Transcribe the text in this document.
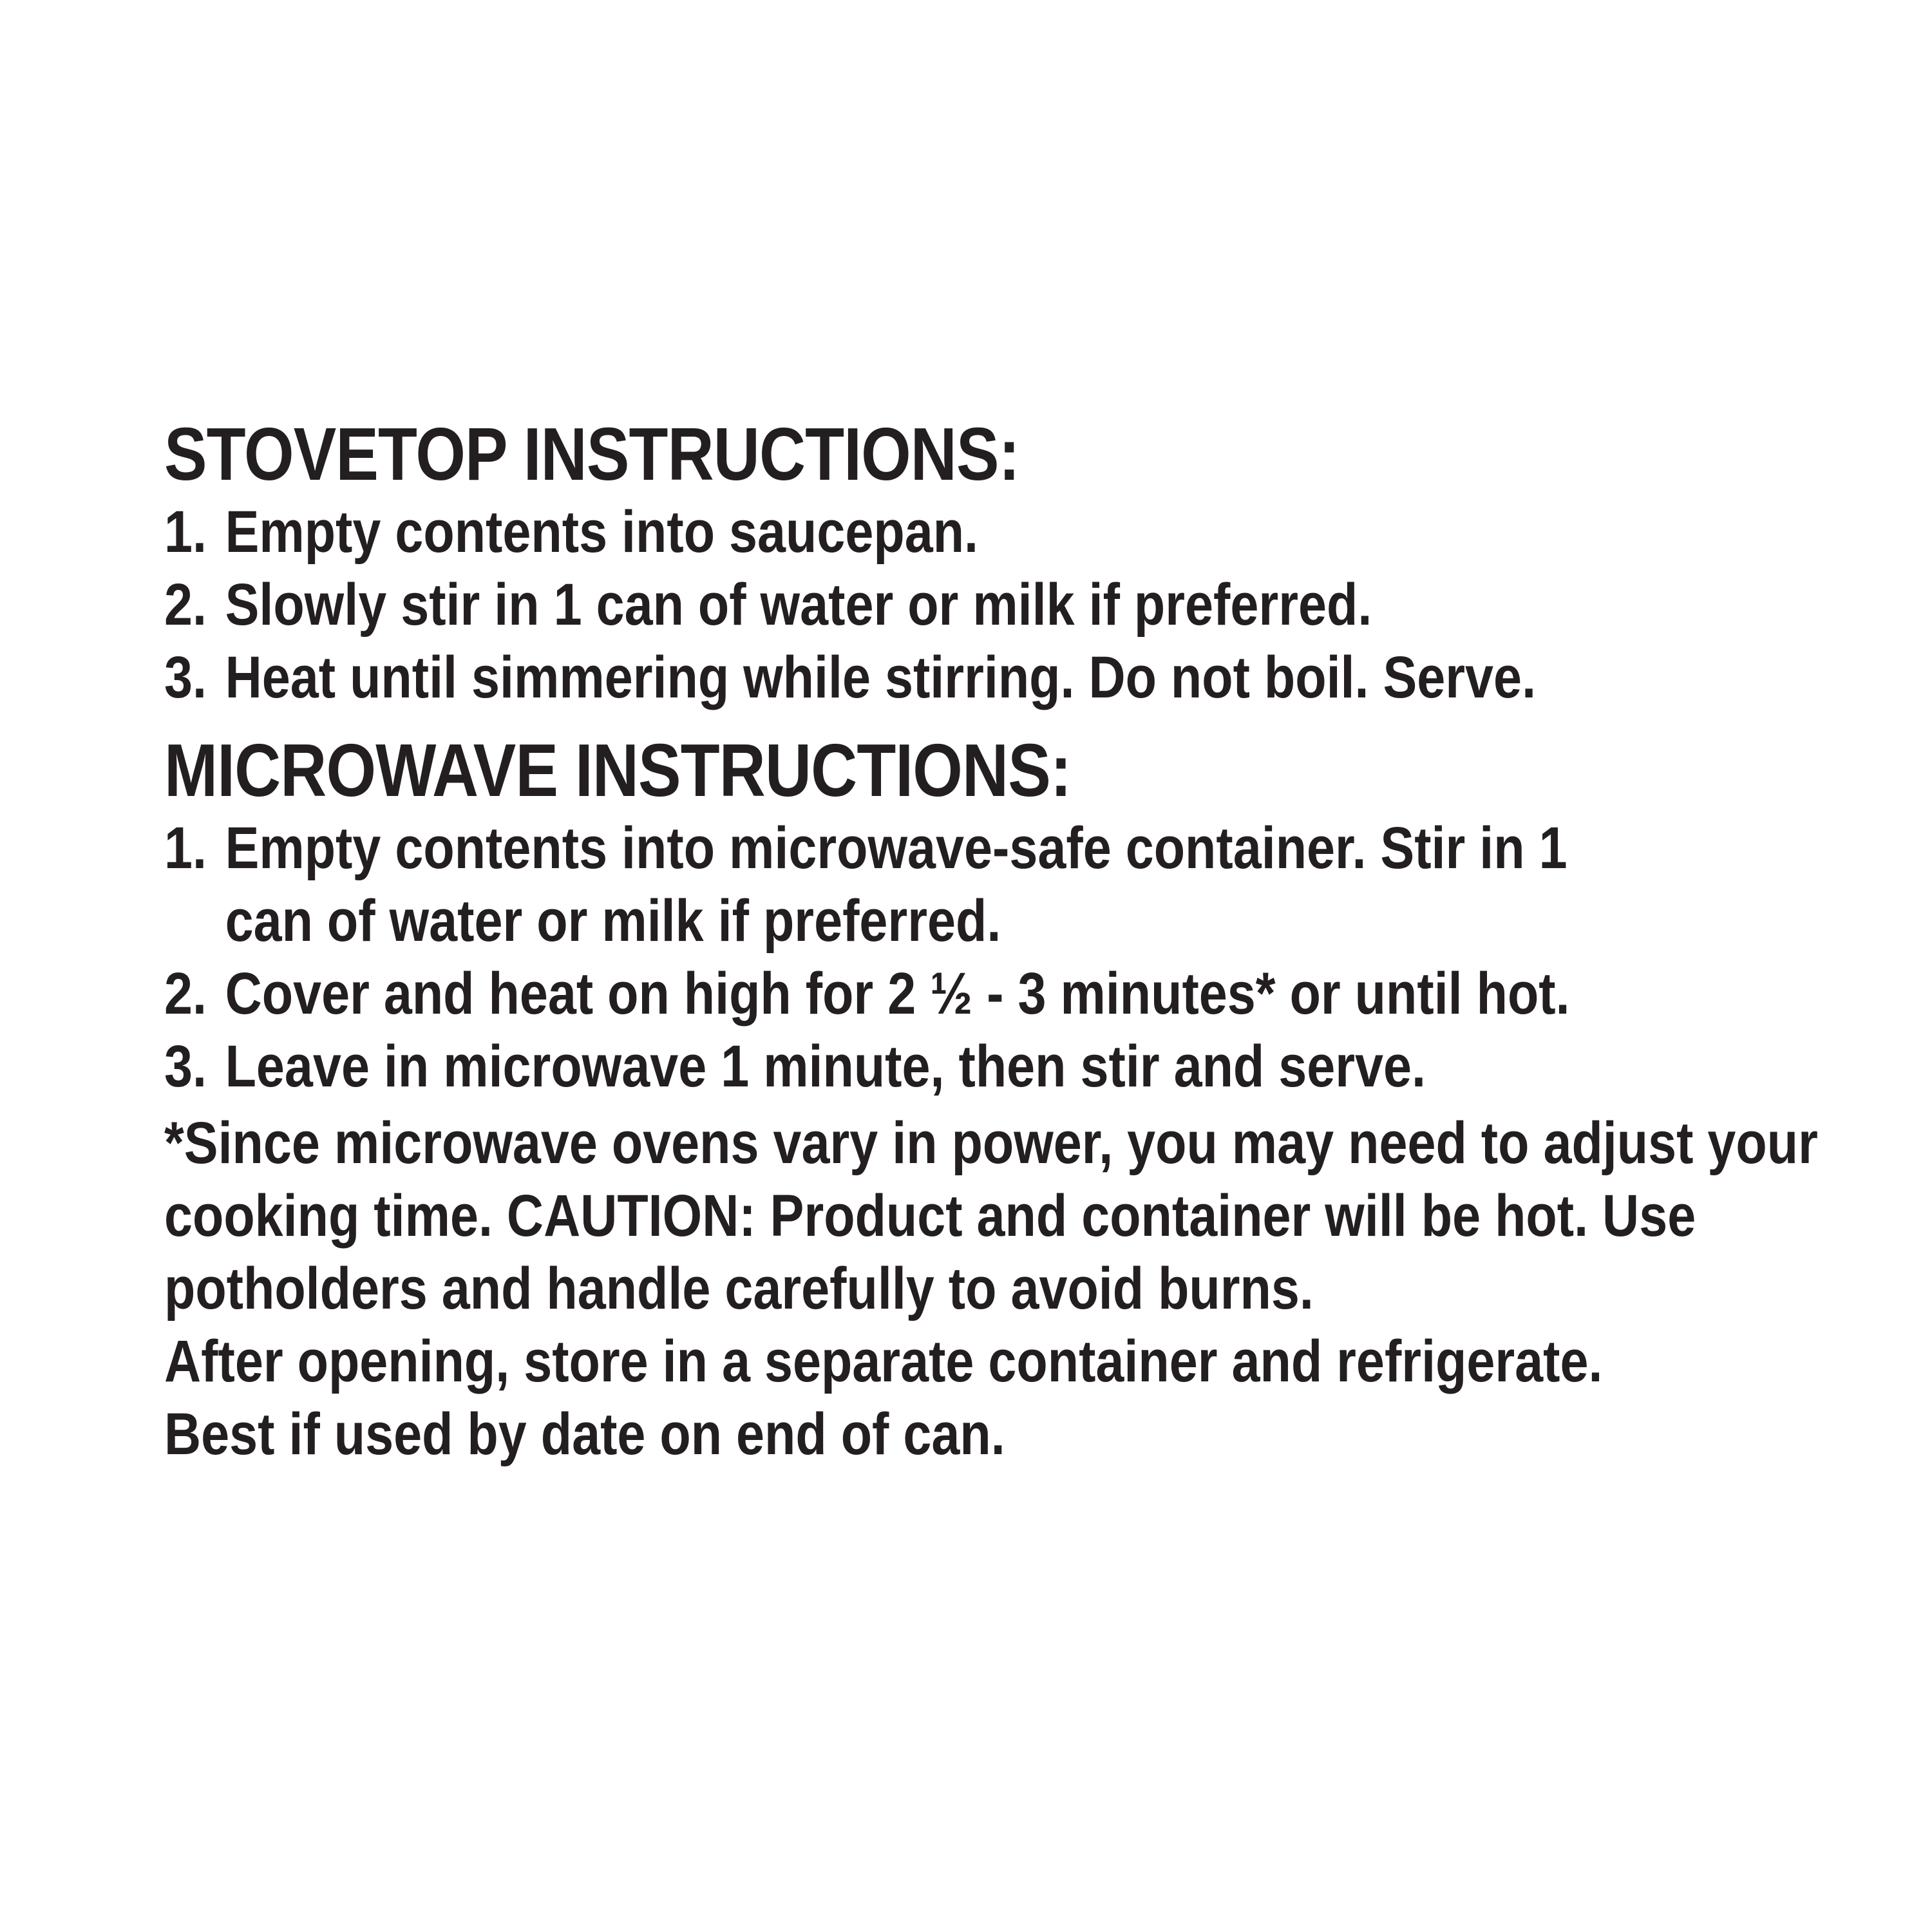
STOVETOP INSTRUCTIONS:
1. Empty contents into saucepan.
2. Slowly stir in 1 can of water or milk if preferred.
3. Heat until simmering while stirring. Do not boil. Serve.
MICROWAVE INSTRUCTIONS:
1. Empty contents into microwave-safe container. Stir in 1 can of water or milk if preferred.
2. Cover and heat on high for 2 ½ - 3 minutes* or until hot.
3. Leave in microwave 1 minute, then stir and serve.

*Since microwave ovens vary in power, you may need to adjust your cooking time. CAUTION: Product and container will be hot. Use potholders and handle carefully to avoid burns.

After opening, store in a separate container and refrigerate.

Best if used by date on end of can.
